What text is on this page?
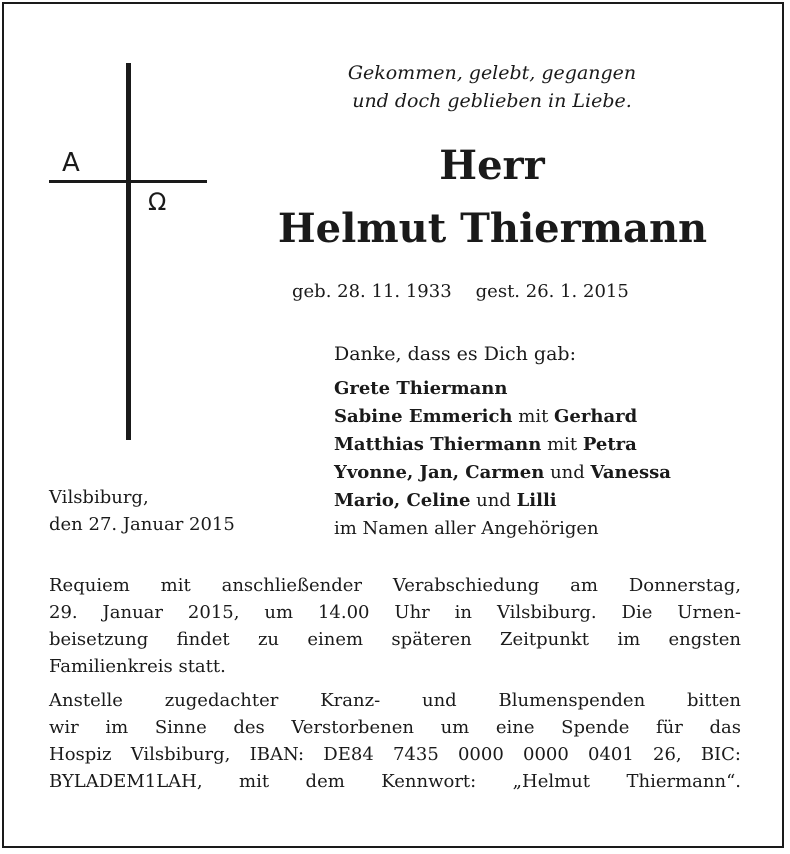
A
Ω
Gekommen, gelebt, gegangen
und doch geblieben in Liebe.
Herr
Helmut Thiermann
geb. 28. 11. 1933 gest. 26. 1. 2015
Danke, dass es Dich gab:
Grete Thiermann
Sabine Emmerich mit Gerhard
Matthias Thiermann mit Petra
Yvonne, Jan, Carmen und Vanessa
Mario, Celine und Lilli
im Namen aller Angehörigen
Vilsbiburg,
den 27. Januar 2015
Requiem mit anschließender Verabschiedung am Donnerstag,
29. Januar 2015, um 14.00 Uhr in Vilsbiburg. Die Urnen-
beisetzung findet zu einem späteren Zeitpunkt im engsten
Familienkreis statt.
Anstelle zugedachter Kranz- und Blumenspenden bitten
wir im Sinne des Verstorbenen um eine Spende für das
Hospiz Vilsbiburg, IBAN: DE84 7435 0000 0000 0401 26, BIC:
BYLADEM1LAH, mit dem Kennwort: „Helmut Thiermann“.
